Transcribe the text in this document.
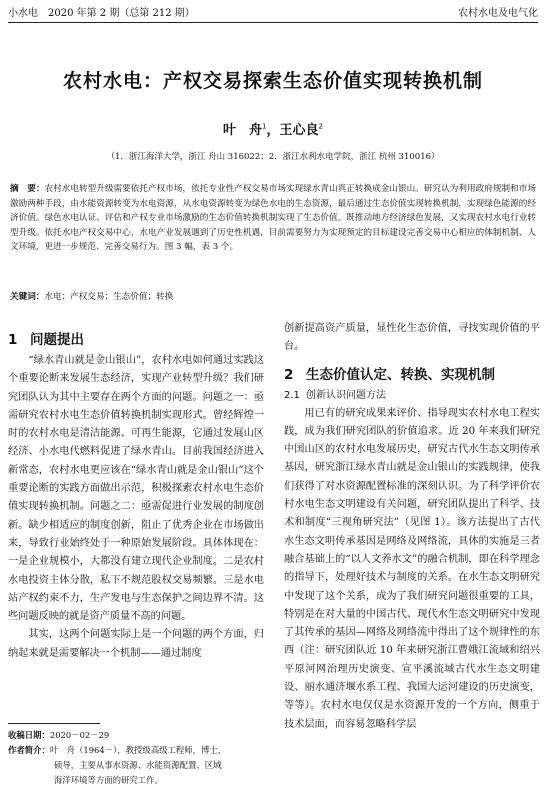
小水电　2020 年第 2 期（总第 212 期）	农村水电及电气化
农村水电：产权交易探索生态价值实现转换机制
叶　舟$^1$，王心良$^2$
（1．浙江海洋大学，浙江 舟山 316022；2．浙江水利水电学院，浙江 杭州 310016）
摘　要：农村水电转型升级需要依托产权市场，依托专业性产权交易市场实现绿水青山真正转换成金山银山。研究认为利用政府规制和市场激励两种手段，由水能资源转变为水电资源，从水电资源转变为绿色水电的生态资源，最后通过生态价值实现转换机制，实现绿色能源的经济价值。绿色水电认证、评估和产权专业市场激励的生态价值转换机制实现了生态价值，既推动地方经济绿色发展，又实现农村水电行业转型升级。依托水电产权交易中心，水电产业发展遇到了历史性机遇，目前需要努力为实现预定的目标建设完善交易中心相应的体制机制、人文环境，更进一步规范、完善交易行为。图 3 幅，表 3 个。
关键词：水电；产权交易；生态价值；转换
1 问题提出

“绿水青山就是金山银山”，农村水电如何通过实践这个重要论断来发展生态经济，实现产业转型升级？我们研究团队认为其中主要存在两个方面的问题。问题之一：亟需研究农村水电生态价值转换机制实现形式。曾经辉煌一时的农村水电是清洁能源、可再生能源，它通过发展山区经济、小水电代燃料促进了绿水青山。目前我国经济进入新常态，农村水电更应该在“绿水青山就是金山银山”这个重要论断的实践方面做出示范，积极探索农村水电生态价值实现转换机制。问题之二：亟需促进行业发展的制度创新。缺少相适应的制度创新，阻止了优秀企业在市场做出来，导致行业始终处于一种原始发展阶段。具体体现在：一是企业规模小，大都没有建立现代企业制度。二是农村水电投资主体分散，私下不规范股权交易频繁。三是水电站产权约束不力，生产发电与生态保护之间边界不清。这些问题反映的就是资产质量不高的问题。

其实，这两个问题实际上是一个问题的两个方面，归纳起来就是需要解决一个机制——通过制度

创新提高资产质量，显性化生态价值，寻找实现价值的平台。

2 生态价值认定、转换、实现机制
2.1 创新认识问题方法

用已有的研究成果来评价、指导现实农村水电工程实践，成为我们研究团队的价值追求。近 20 年来我们研究中国山区的农村水电发展历史，研究古代水生态文明传承基因，研究浙江绿水青山就是金山银山的实践规律，使我们获得了对水资源配置标准的深刻认识。为了科学评价农村水电生态文明建设有关问题，研究团队提出了科学、技术和制度“三视角研究法”（见图 1）。该方法提出了古代水生态文明传承基因是网络及网络流，具体的实施是三者融合基础上的“以人文养水文”的融合机制，即在科学理念的指导下，处理好技术与制度的关系。在水生态文明研究中发现了这个关系，成为了我们研究问题很重要的工具，特别是在对大量的中国古代、现代水生态文明研究中发现了其传承的基因—网络及网络流中得出了这个规律性的东西（注：研究团队近 10 年来研究浙江曹娥江流域和绍兴平原河网治理历史演变、宣平溪流域古代水生态文明建设、丽水通济堰水系工程、我国大运河建设的历史演变，等等）。农村水电仅仅是水资源开发的一个方向，侧重于技术层面，而容易忽略科学层

收稿日期：2020－02－29
作者简介：叶　舟（1964－），教授级高级工程师，博士，
硕导，主要从事水资源、水能资源配置、区域
海洋环境等方面的研究工作。
